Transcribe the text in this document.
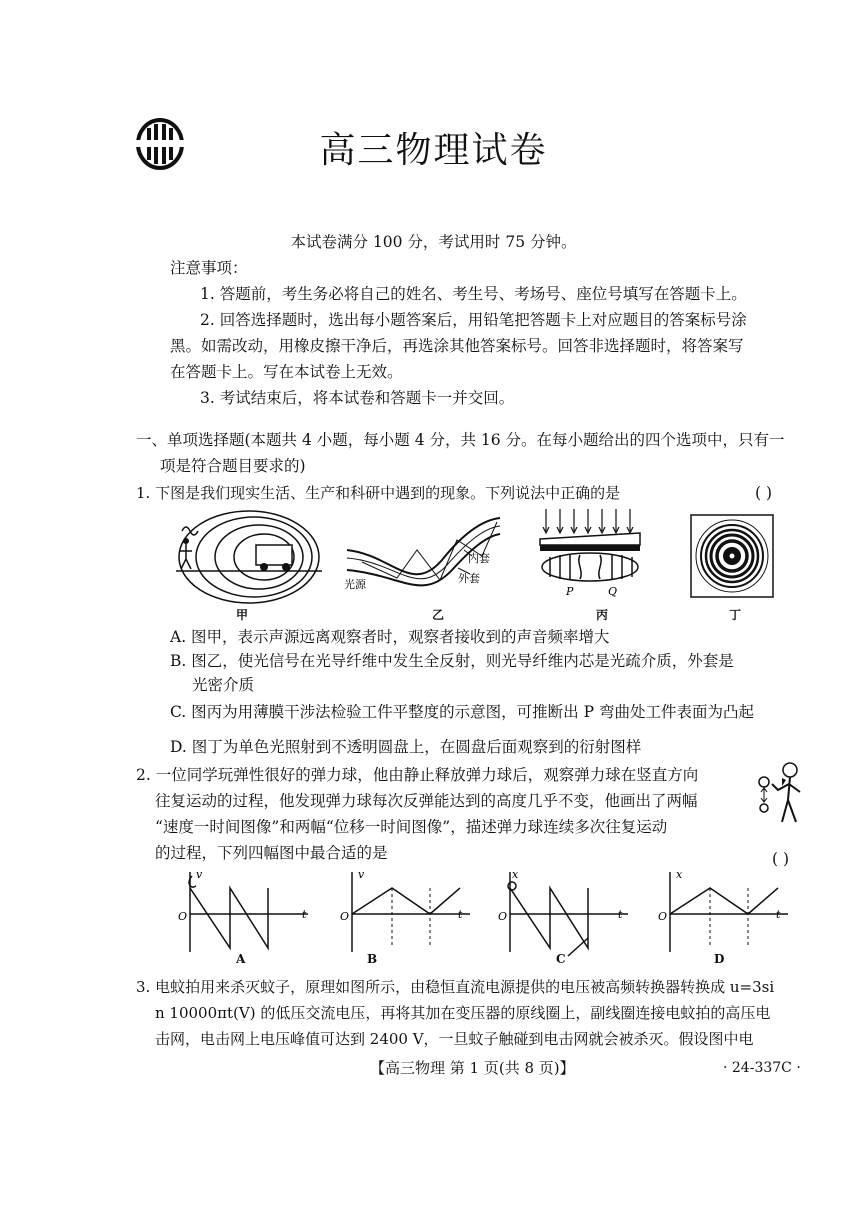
高三物理试卷
本试卷满分 100 分，考试用时 75 分钟。
注意事项：
1. 答题前，考生务必将自己的姓名、考生号、考场号、座位号填写在答题卡上。
2. 回答选择题时，选出每小题答案后，用铅笔把答题卡上对应题目的答案标号涂
黑。如需改动，用橡皮擦干净后，再选涂其他答案标号。回答非选择题时，将答案写
在答题卡上。写在本试卷上无效。
3. 考试结束后，将本试卷和答题卡一并交回。
一、单项选择题(本题共 4 小题，每小题 4 分，共 16 分。在每小题给出的四个选项中，只有一
项是符合题目要求的)
1. 下图是我们现实生活、生产和科研中遇到的现象。下列说法中正确的是	( )
甲
光源
内套
外套
乙
P	Q
丙	丁
A. 图甲，表示声源远离观察者时，观察者接收到的声音频率增大
B. 图乙，使光信号在光导纤维中发生全反射，则光导纤维内芯是光疏介质，外套是
光密介质
C. 图丙为用薄膜干涉法检验工件平整度的示意图，可推断出 P 弯曲处工件表面为凸起
D. 图丁为单色光照射到不透明圆盘上，在圆盘后面观察到的衍射图样
2. 一位同学玩弹性很好的弹力球，他由静止释放弹力球后，观察弹力球在竖直方向
往复运动的过程，他发现弹力球每次反弹能达到的高度几乎不变，他画出了两幅
“速度一时间图像”和两幅“位移一时间图像”，描述弹力球连续多次往复运动
的过程，下列四幅图中最合适的是	( )
v
t
O
A
v
t
O
B
x
t
O
C
x
t
O
D
3. 电蚊拍用来杀灭蚊子，原理如图所示，由稳恒直流电源提供的电压被高频转换器转换成 u=3si
n 10000πt(V) 的低压交流电压，再将其加在变压器的原线圈上，副线圈连接电蚊拍的高压电
击网，电击网上电压峰值可达到 2400 V，一旦蚊子触碰到电击网就会被杀灭。假设图中电
【高三物理 第 1 页(共 8 页)】	· 24-337C ·
